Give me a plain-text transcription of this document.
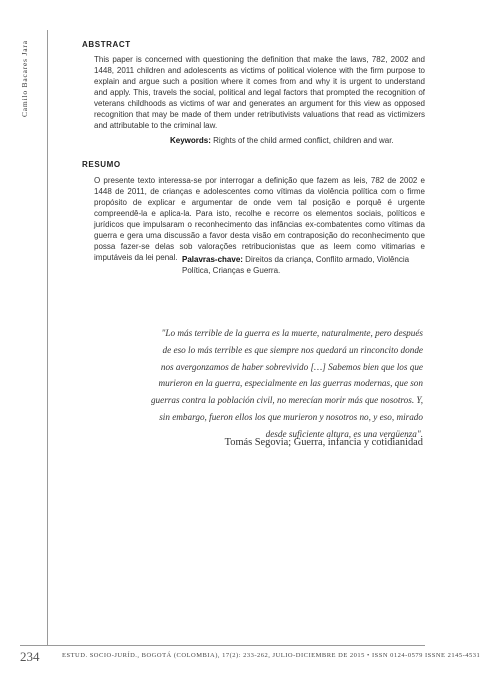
Camilo Bacares Jara	ABSTRACT
This paper is concerned with questioning the definition that make the laws, 782, 2002 and 1448, 2011 children and adolescents as victims of political violence with the firm purpose to explain and argue such a position where it comes from and why it is urgent to understand and apply. This, travels the social, political and legal factors that prompted the recognition of veterans childhoods as victims of war and generates an argument for this view as opposed recognition that may be made of them under retributivists valuations that read as victimizers and attributable to the criminal law.
Keywords: Rights of the child armed conflict, children and war.
RESUMO
O presente texto interessa-se por interrogar a definição que fazem as leis, 782 de 2002 e 1448 de 2011, de crianças e adolescentes como vítimas da violência política com o firme propósito de explicar e argumentar de onde vem tal posição e porquê é urgente compreendê-la e aplica-la. Para isto, recolhe e recorre os elementos sociais, políticos e jurídicos que impulsaram o reconhecimento das infâncias ex-combatentes como vítimas da guerra e gera uma discussão a favor desta visão em contraposição do reconhecimento que possa fazer-se delas sob valorações retribucionistas que as leem como vitimarias e imputáveis da lei penal. Palavras-chave: Direitos da criança, Conflito armado, Violência Política, Crianças e Guerra.
"Lo más terrible de la guerra es la muerte, naturalmente, pero después
de eso lo más terrible es que siempre nos quedará un rinconcito donde
nos avergonzamos de haber sobrevivido […] Sabemos bien que los que
murieron en la guerra, especialmente en las guerras modernas, que son
guerras contra la población civil, no merecían morir más que nosotros. Y,
sin embargo, fueron ellos los que murieron y nosotros no, y eso, mirado
desde suficiente altura, es una vergüenza".
Tomás Segovia; Guerra, infancia y cotidianidad
234	ESTUD. SOCIO-JURÍD., BOGOTÁ (COLOMBIA), 17(2): 233-262, JULIO-DICIEMBRE DE 2015 • ISSN 0124-0579 ISSNE 2145-4531
